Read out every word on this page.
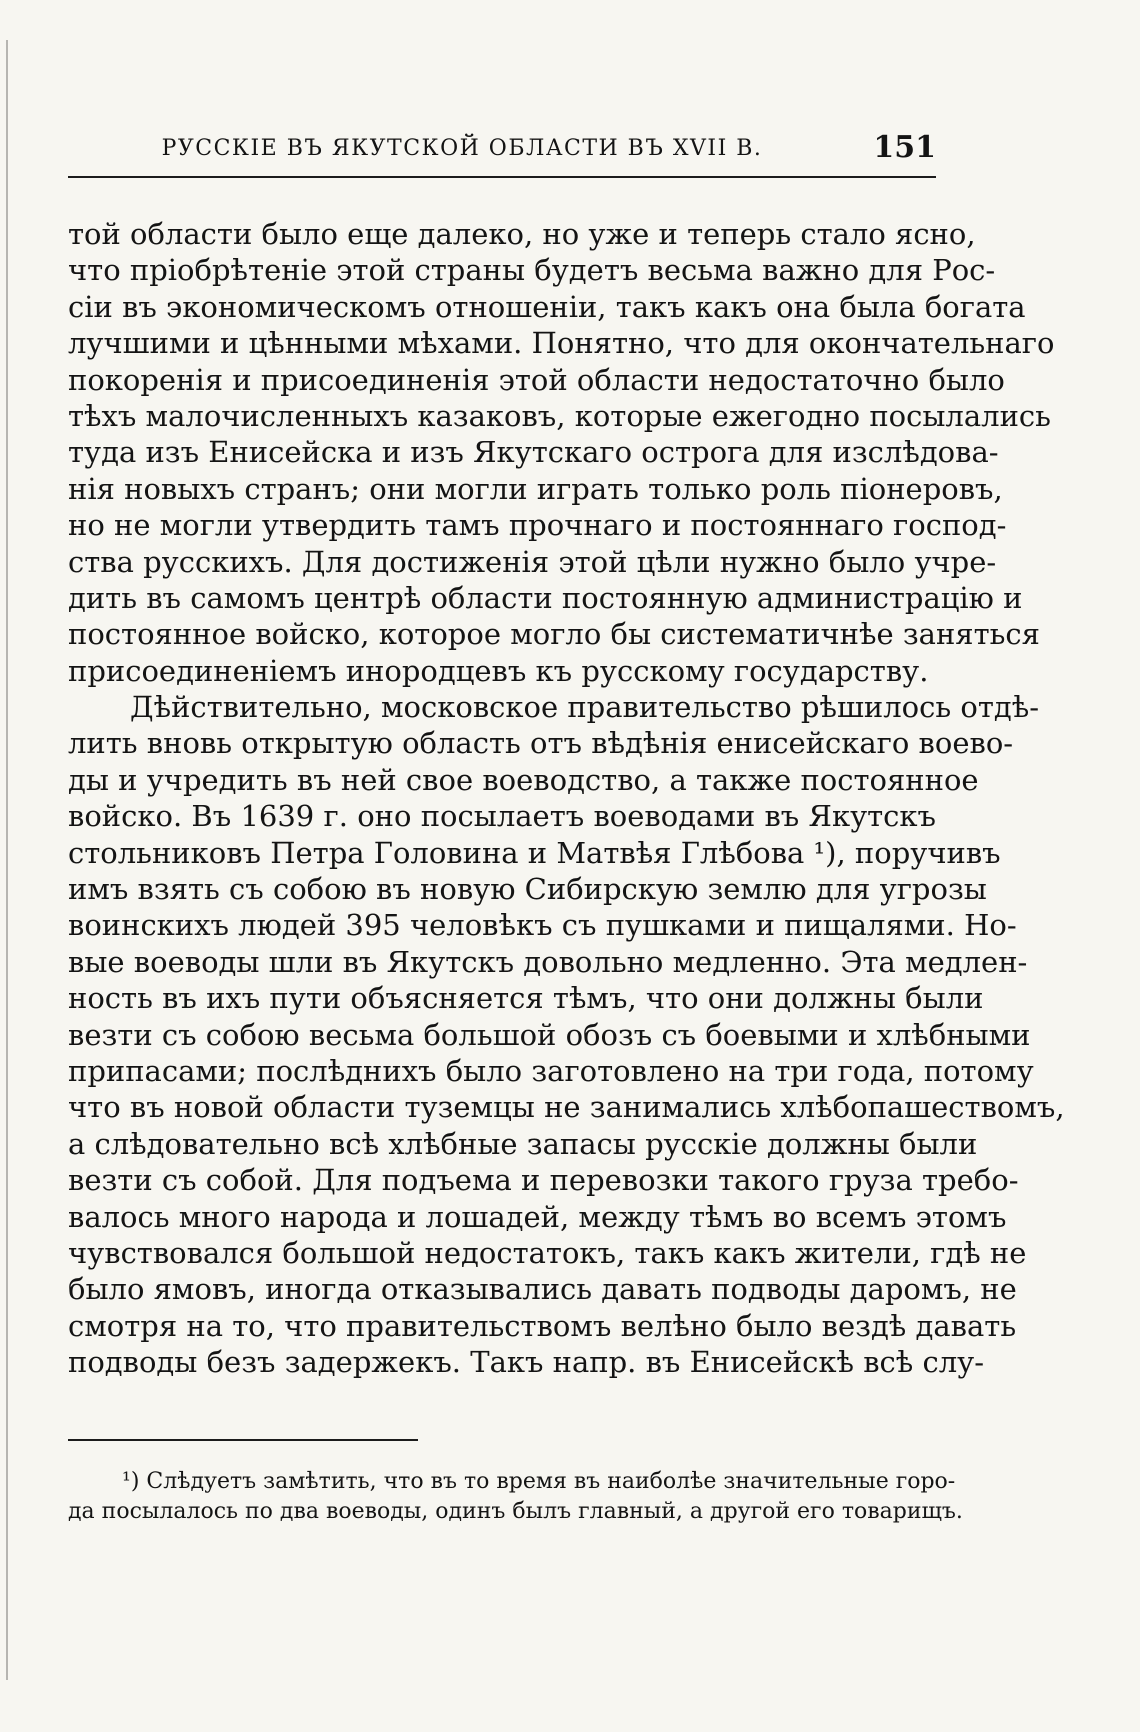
РУССКІЕ ВЪ ЯКУТСКОЙ ОБЛАСТИ ВЪ XVII В.	151
той области было еще далеко, но уже и теперь стало ясно,
что пріобрѣтеніе этой страны будетъ весьма важно для Рос-
сіи въ экономическомъ отношеніи, такъ какъ она была богата
лучшими и цѣнными мѣхами. Понятно, что для окончательнаго
покоренія и присоединенія этой области недостаточно было
тѣхъ малочисленныхъ казаковъ, которые ежегодно посылались
туда изъ Енисейска и изъ Якутскаго острога для изслѣдова-
нія новыхъ странъ; они могли играть только роль піонеровъ,
но не могли утвердить тамъ прочнаго и постояннаго господ-
ства русскихъ. Для достиженія этой цѣли нужно было учре-
дить въ самомъ центрѣ области постоянную администрацію и
постоянное войско, которое могло бы систематичнѣе заняться
присоединеніемъ инородцевъ къ русскому государству.
Дѣйствительно, московское правительство рѣшилось отдѣ-
лить вновь открытую область отъ вѣдѣнія енисейскаго воево-
ды и учредить въ ней свое воеводство, а также постоянное
войско. Въ 1639 г. оно посылаетъ воеводами въ Якутскъ
стольниковъ Петра Головина и Матвѣя Глѣбова ¹), поручивъ
имъ взять съ собою въ новую Сибирскую землю для угрозы
воинскихъ людей 395 человѣкъ съ пушками и пищалями. Но-
вые воеводы шли въ Якутскъ довольно медленно. Эта медлен-
ность въ ихъ пути объясняется тѣмъ, что они должны были
везти съ собою весьма большой обозъ съ боевыми и хлѣбными
припасами; послѣднихъ было заготовлено на три года, потому
что въ новой области туземцы не занимались хлѣбопашествомъ,
а слѣдовательно всѣ хлѣбные запасы русскіе должны были
везти съ собой. Для подъема и перевозки такого груза требо-
валось много народа и лошадей, между тѣмъ во всемъ этомъ
чувствовался большой недостатокъ, такъ какъ жители, гдѣ не
было ямовъ, иногда отказывались давать подводы даромъ, не
смотря на то, что правительствомъ велѣно было вездѣ давать
подводы безъ задержекъ. Такъ напр. въ Енисейскѣ всѣ слу-
¹) Слѣдуетъ замѣтить, что въ то время въ наиболѣе значительные горо-
да посылалось по два воеводы, одинъ былъ главный, а другой его товарищъ.
